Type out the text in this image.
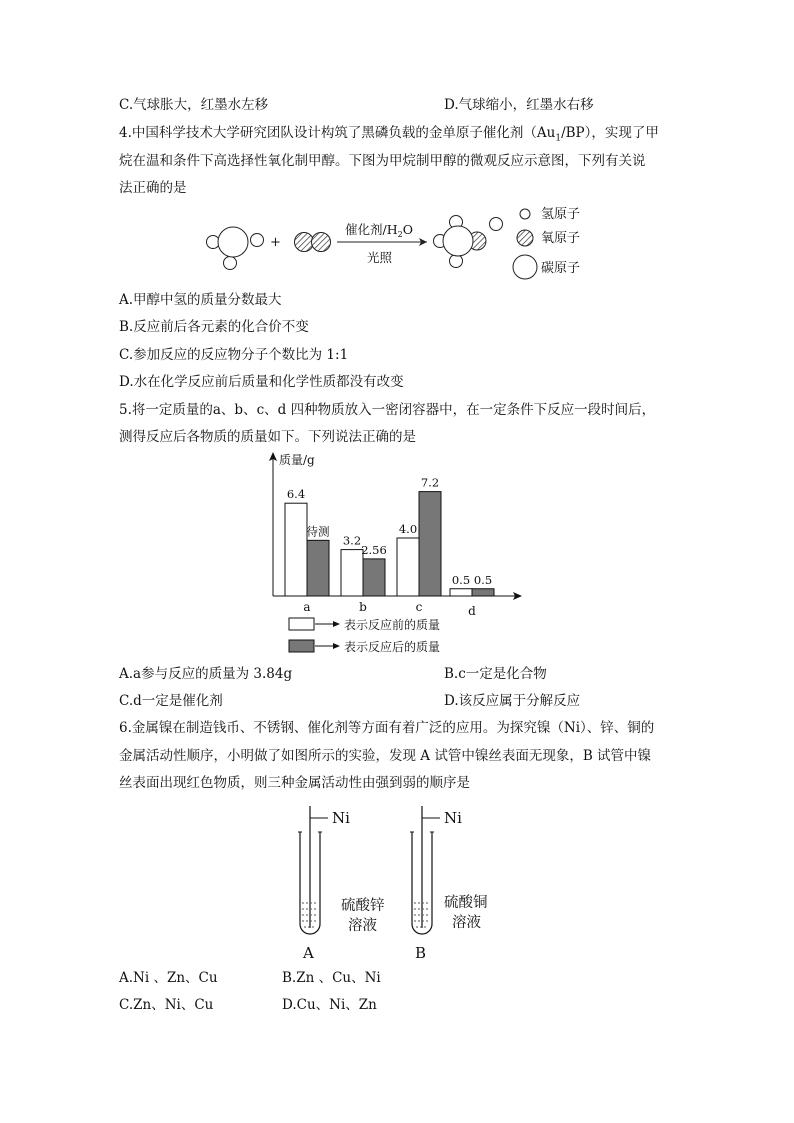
C.气球胀大，红墨水左移	D.气球缩小，红墨水右移
4.中国科学技术大学研究团队设计构筑了黑磷负载的金单原子催化剂$(Au_1/BP)$，实现了甲
烷在温和条件下高选择性氧化制甲醇。下图为甲烷制甲醇的微观反应示意图，下列有关说
法正确的是
+
催化剂$/H_2O$
光照
氢原子
氧原子
碳原子
A.甲醇中氢的质量分数最大
B.反应前后各元素的化合价不变
C.参加反应的反应物分子个数比为 1:1
D.水在化学反应前后质量和化学性质都没有改变
5.将一定质量的a、b、c、d 四种物质放入一密闭容器中，在一定条件下反应一段时间后，
测得反应后各物质的质量如下。下列说法正确的是
6.4
待测
a
3.2
2.56
b
4.0
7.2
c
0.5 0.5
d
质量/g
表示反应前的质量
表示反应后的质量
A.a参与反应的质量为 3.84g	B.c一定是化合物
C.d一定是催化剂	D.该反应属于分解反应
6.金属镍在制造钱币、不锈钢、催化剂等方面有着广泛的应用。为探究镍（Ni）、锌、铜的
金属活动性顺序，小明做了如图所示的实验，发现 A 试管中镍丝表面无现象，B 试管中镍
丝表面出现红色物质，则三种金属活动性由强到弱的顺序是
Ni
硫酸锌
溶液
A
Ni
硫酸铜
溶液
B
A.Ni 、Zn、Cu	B.Zn 、Cu、Ni
C.Zn、Ni、Cu	D.Cu、Ni、Zn
